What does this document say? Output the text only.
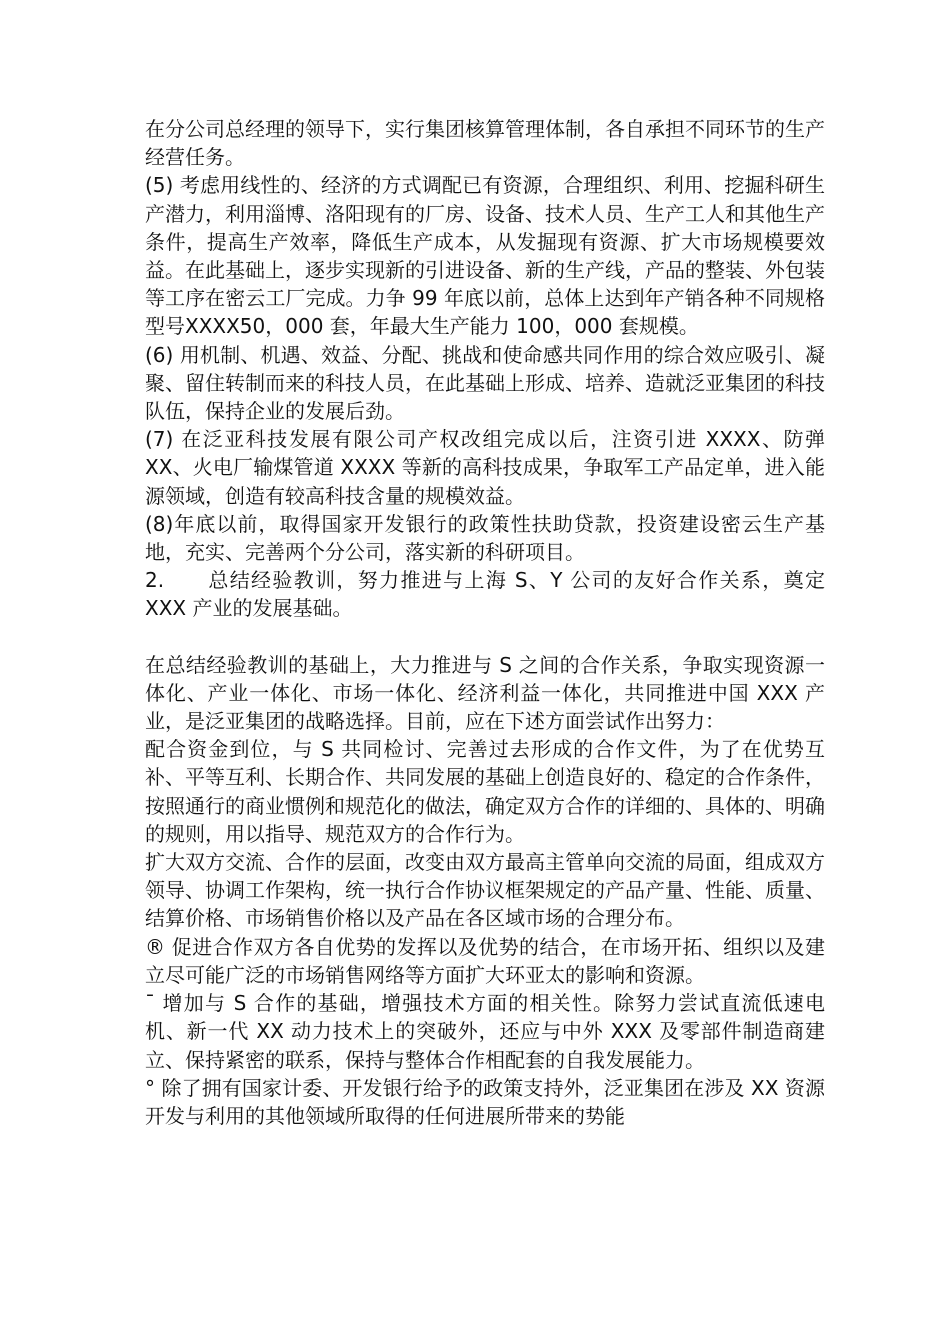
在分公司总经理的领导下，实行集团核算管理体制，各自承担不同环节的生产经营任务。

(5) 考虑用线性的、经济的方式调配已有资源，合理组织、利用、挖掘科研生产潜力，利用淄博、洛阳现有的厂房、设备、技术人员、生产工人和其他生产条件，提高生产效率，降低生产成本，从发掘现有资源、扩大市场规模要效益。在此基础上，逐步实现新的引进设备、新的生产线，产品的整装、外包装等工序在密云工厂完成。力争 99 年底以前，总体上达到年产销各种不同规格型号XXXX50，000 套，年最大生产能力 100，000 套规模。

(6) 用机制、机遇、效益、分配、挑战和使命感共同作用的综合效应吸引、凝聚、留住转制而来的科技人员，在此基础上形成、培养、造就泛亚集团的科技队伍，保持企业的发展后劲。

(7) 在泛亚科技发展有限公司产权改组完成以后，注资引进 XXXX、防弹 XX、火电厂输煤管道 XXXX 等新的高科技成果，争取军工产品定单，进入能源领域，创造有较高科技含量的规模效益。

(8)年底以前，取得国家开发银行的政策性扶助贷款，投资建设密云生产基地，充实、完善两个分公司，落实新的科研项目。

2. 总结经验教训，努力推进与上海 S、Y 公司的友好合作关系，奠定 XXX 产业的发展基础。

在总结经验教训的基础上，大力推进与 S 之间的合作关系，争取实现资源一体化、产业一体化、市场一体化、经济利益一体化，共同推进中国 XXX 产业，是泛亚集团的战略选择。目前，应在下述方面尝试作出努力：

配合资金到位，与 S 共同检讨、完善过去形成的合作文件，为了在优势互补、平等互利、长期合作、共同发展的基础上创造良好的、稳定的合作条件，按照通行的商业惯例和规范化的做法，确定双方合作的详细的、具体的、明确的规则，用以指导、规范双方的合作行为。

扩大双方交流、合作的层面，改变由双方最高主管单向交流的局面，组成双方领导、协调工作架构，统一执行合作协议框架规定的产品产量、性能、质量、结算价格、市场销售价格以及产品在各区域市场的合理分布。

® 促进合作双方各自优势的发挥以及优势的结合，在市场开拓、组织以及建立尽可能广泛的市场销售网络等方面扩大环亚太的影响和资源。

¯ 增加与 S 合作的基础，增强技术方面的相关性。除努力尝试直流低速电机、新一代 XX 动力技术上的突破外，还应与中外 XXX 及零部件制造商建立、保持紧密的联系，保持与整体合作相配套的自我发展能力。

° 除了拥有国家计委、开发银行给予的政策支持外，泛亚集团在涉及 XX 资源开发与利用的其他领域所取得的任何进展所带来的势能
